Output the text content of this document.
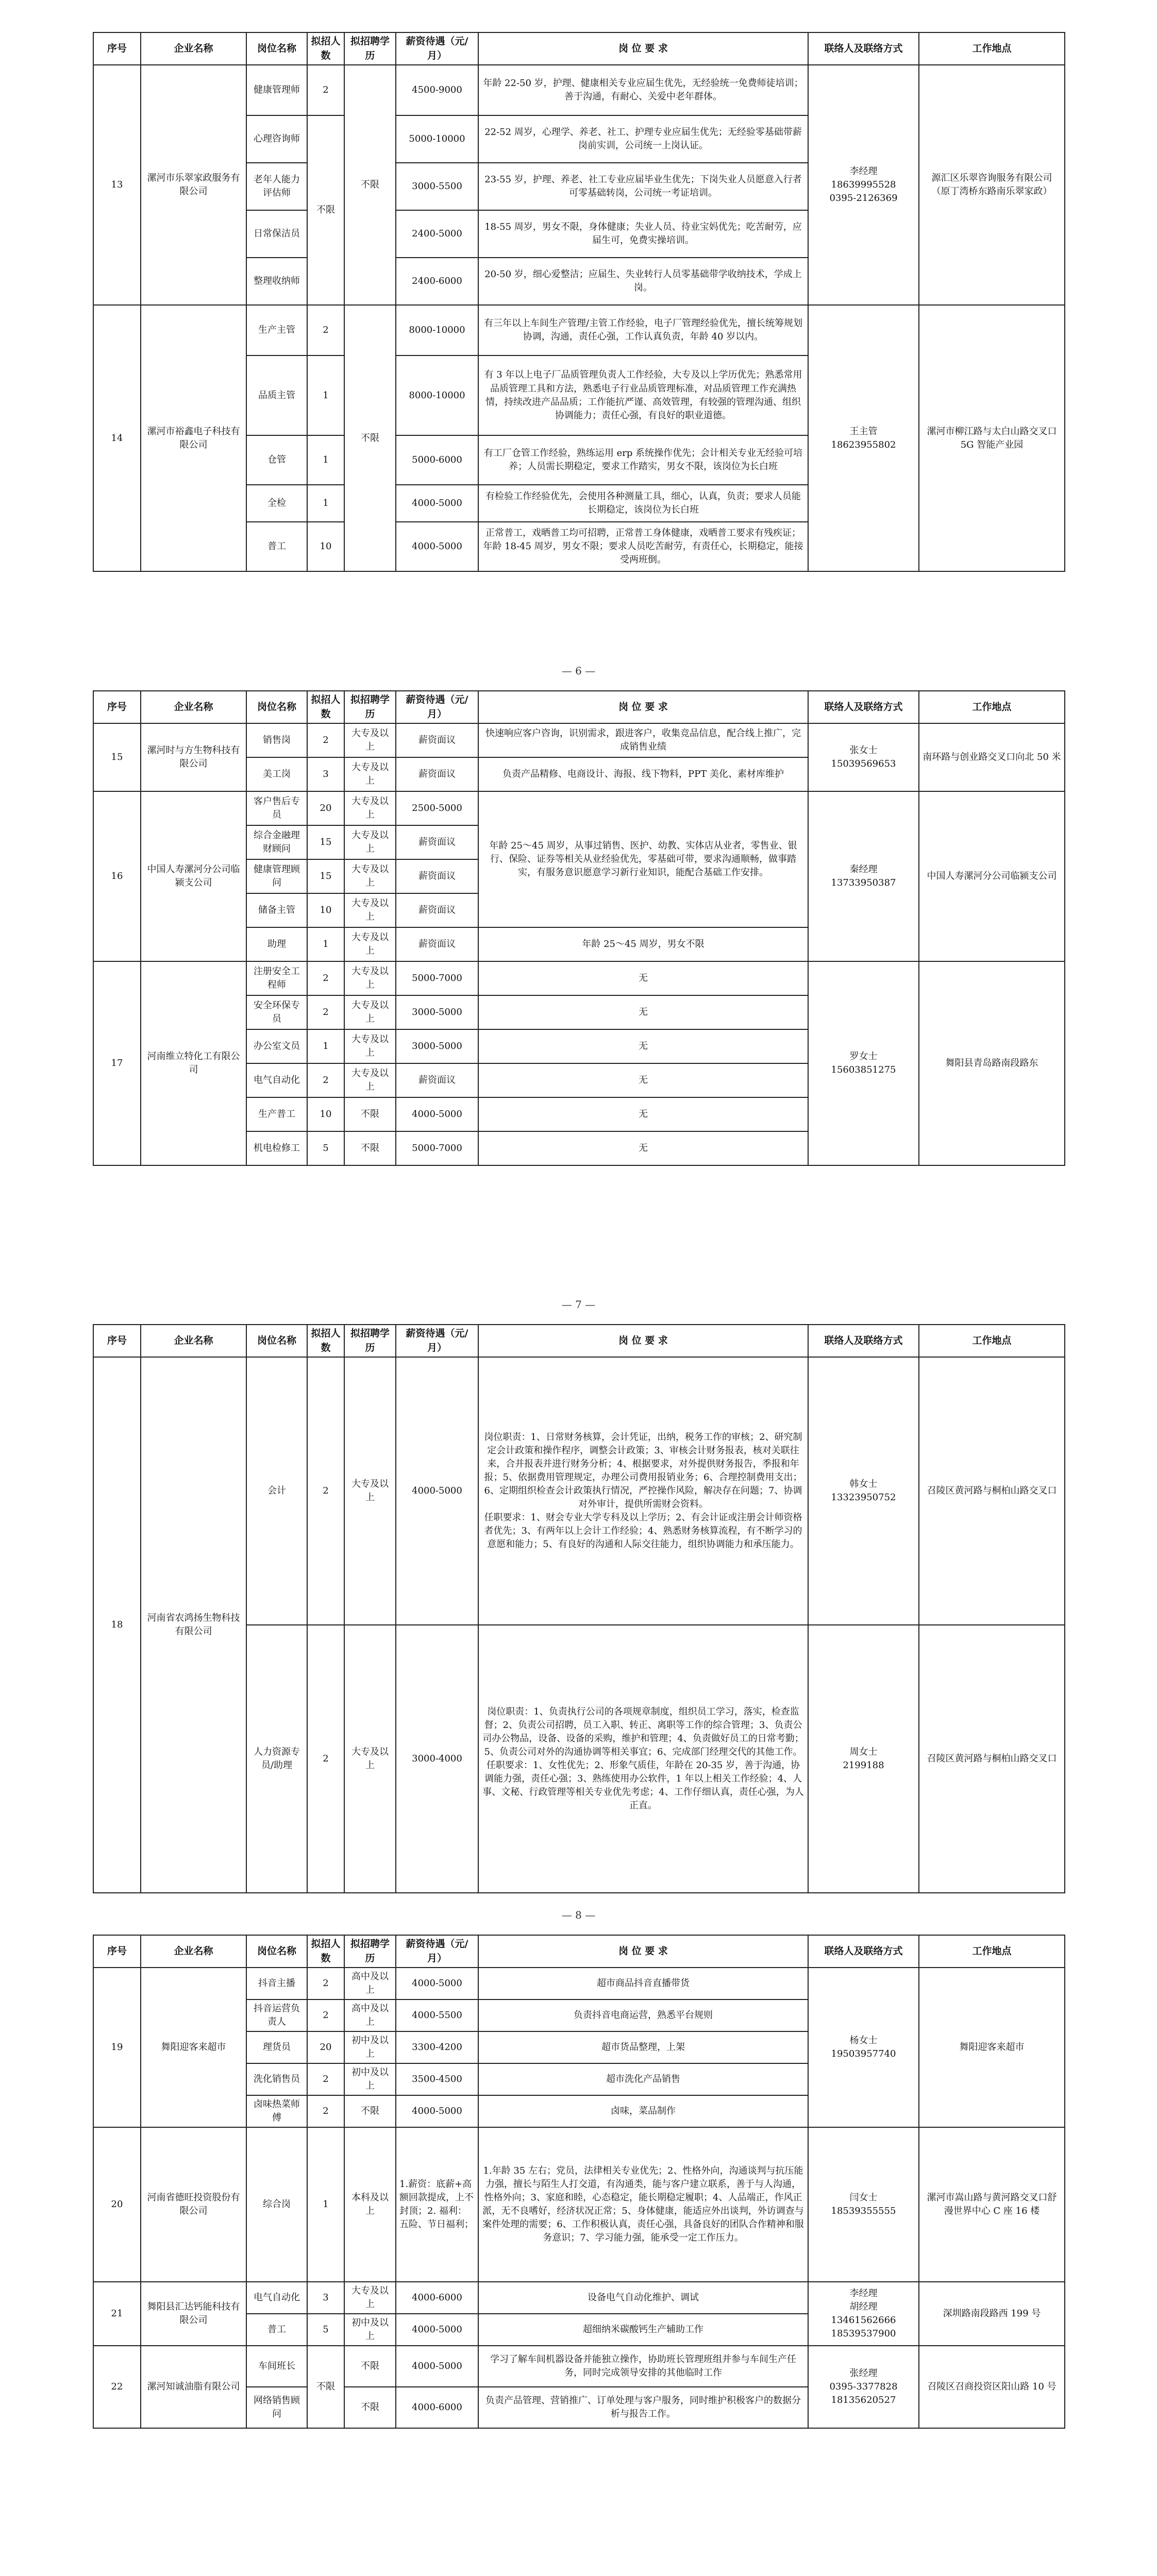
序号	企业名称	岗位名称	拟招人数	拟招聘学历	薪资待遇（元/月）	岗 位 要 求	联络人及联络方式	工作地点
13	漯河市乐翠家政服务有限公司	健康管理师	2	不限	4500-9000	年龄 22-50 岁，护理、健康相关专业应届生优先，无经验统一免费师徒培训；善于沟通，有耐心、关爱中老年群体。	李经理
18639995528
0395-2126369	源汇区乐翠咨询服务有限公司（原丁湾桥东路南乐翠家政）
		心理咨询师	不限		5000-10000	22-52 周岁，心理学、养老、社工、护理专业应届生优先；无经验零基础带薪岗前实训，公司统一上岗认证。		
		老年人能力评估师			3000-5500	23-55 岁，护理、养老、社工专业应届毕业生优先；下岗失业人员愿意入行者可零基础转岗，公司统一考证培训。		
		日常保洁员			2400-5000	18-55 周岁，男女不限，身体健康；失业人员、待业宝妈优先；吃苦耐劳，应届生可，免费实操培训。		
		整理收纳师			2400-6000	20-50 岁，细心爱整洁；应届生、失业转行人员零基础带学收纳技术，学成上岗。		
14	漯河市裕鑫电子科技有限公司	生产主管	2	不限	8000-10000	有三年以上车间生产管理/主管工作经验，电子厂管理经验优先，擅长统筹规划协调，沟通，责任心强，工作认真负责，年龄 40 岁以内。	王主管
18623955802	漯河市柳江路与太白山路交叉口 5G 智能产业园
		品质主管	1		8000-10000	有 3 年以上电子厂品质管理负责人工作经验，大专及以上学历优先；熟悉常用品质管理工具和方法，熟悉电子行业品质管理标准，对品质管理工作充满热情，持续改进产品品质；工作能抗严谨、高效管理，有较强的管理沟通、组织协调能力；责任心强，有良好的职业道德。		
		仓管	1		5000-6000	有工厂仓管工作经验，熟练运用 erp 系统操作优先；会计相关专业无经验可培养；人员需长期稳定，要求工作踏实，男女不限，该岗位为长白班		
		全检	1		4000-5000	有检验工作经验优先，会使用各种测量工具，细心，认真，负责；要求人员能长期稳定，该岗位为长白班		
		普工	10		4000-5000	正常普工，戏晒普工均可招聘，正常普工身体健康，戏晒普工要求有残疾证；年龄 18-45 周岁，男女不限；要求人员吃苦耐劳，有责任心，长期稳定，能接受两班倒。		
— 6 —
序号	企业名称	岗位名称	拟招人数	拟招聘学历	薪资待遇（元/月）	岗 位 要 求	联络人及联络方式	工作地点
15	漯河时与方生物科技有限公司	销售岗	2	大专及以上	薪资面议	快速响应客户咨询，识别需求，跟进客户，收集竞品信息，配合线上推广，完成销售业绩	张女士
15039569653	南环路与创业路交叉口向北 50 米
		美工岗	3	大专及以上	薪资面议	负责产品精修、电商设计、海报、线下物料，PPT 美化、素材库维护		
16	中国人寿漯河分公司临颍支公司	客户售后专员	20	大专及以上	2500-5000	年龄 25～45 周岁，从事过销售、医护、幼教、实体店从业者，零售业、银行、保险、证券等相关从业经验优先，零基础可带，要求沟通顺畅，做事踏实，有服务意识愿意学习新行业知识，能配合基础工作安排。	秦经理
13733950387	中国人寿漯河分公司临颍支公司
		综合金融理财顾问	15	大专及以上	薪资面议			
		健康管理顾问	15	大专及以上	薪资面议			
		储备主管	10	大专及以上	薪资面议			
		助理	1	大专及以上	薪资面议	年龄 25～45 周岁，男女不限		
17	河南维立特化工有限公司	注册安全工程师	2	大专及以上	5000-7000	无	罗女士
15603851275	舞阳县青岛路南段路东
		安全环保专员	2	大专及以上	3000-5000	无		
		办公室文员	1	大专及以上	3000-5000	无		
		电气自动化	2	大专及以上	薪资面议	无		
		生产普工	10	不限	4000-5000	无		
		机电检修工	5	不限	5000-7000	无		
— 7 —
序号	企业名称	岗位名称	拟招人数	拟招聘学历	薪资待遇（元/月）	岗 位 要 求	联络人及联络方式	工作地点
18	河南省农鸿扬生物科技有限公司	会计	2	大专及以上	4000-5000	岗位职责：1、日常财务核算，会计凭证，出纳，税务工作的审核；2、研究制定会计政策和操作程序，调整会计政策；3、审核会计财务报表，核对关联往来，合并报表并进行财务分析；4、根据要求，对外提供财务报告，季报和年报；5、依据费用管理规定，办理公司费用报销业务；6、合理控制费用支出；6、定期组织检查会计政策执行情况，严控操作风险，解决存在问题；7、协调对外审计，提供所需财会资料。
任职要求：1、财会专业大学专科及以上学历；2、有会计证或注册会计师资格者优先；3、有两年以上会计工作经验；4、熟悉财务核算流程，有不断学习的意愿和能力；5、有良好的沟通和人际交往能力，组织协调能力和承压能力。	韩女士
13323950752	召陵区黄河路与桐柏山路交叉口
		人力资源专员/助理	2	大专及以上	3000-4000	岗位职责：1、负责执行公司的各项规章制度，组织员工学习，落实，检查监督；2、负责公司招聘，员工入职、转正、离职等工作的综合管理；3、负责公司办公物品，设备、设备的采购，维护和管理；4、负责做好员工的日常考勤；5、负责公司对外的沟通协调等相关事宜；6、完成部门经理交代的其他工作。任职要求：1、女性优先；2、形象气质佳，年龄在 20-35 岁，善于沟通，协调能力强，责任心强；3、熟练使用办公软件，1 年以上相关工作经验；4、人事、文秘、行政管理等相关专业优先考虑；4、工作仔细认真，责任心强，为人正直。	周女士
2199188	召陵区黄河路与桐柏山路交叉口
— 8 —
序号	企业名称	岗位名称	拟招人数	拟招聘学历	薪资待遇（元/月）	岗 位 要 求	联络人及联络方式	工作地点
19	舞阳迎客来超市	抖音主播	2	高中及以上	4000-5000	超市商品抖音直播带货	杨女士
19503957740	舞阳迎客来超市
		抖音运营负责人	2	高中及以上	4000-5500	负责抖音电商运营，熟悉平台规则		
		理货员	20	初中及以上	3300-4200	超市货品整理，上架		
		洗化销售员	2	初中及以上	3500-4500	超市洗化产品销售		
		卤味热菜师傅	2	不限	4000-5000	卤味，菜品制作		
20	河南省德旺投资股份有限公司	综合岗	1	本科及以上	1.薪资：底薪+高额回款提成，上不封顶；2. 福利：五险、节日福利；	1.年龄 35 左右；党员，法律相关专业优先；2、性格外向，沟通谈判与抗压能力强，擅长与陌生人打交道，有沟通类，能与客户建立联系，善于与人沟通，性格外向；3、家庭和睦，心态稳定，能长期稳定履职；4、人品端正，作风正派，无不良嗜好，经济状况正常；5、身体健康，能适应外出谈判，外访调查与案件处理的需要；6、工作积极认真，责任心强，具备良好的团队合作精神和服务意识；7、学习能力强，能承受一定工作压力。	闫女士
18539355555	漯河市嵩山路与黄河路交叉口舒漫世界中心 C 座 16 楼
21	舞阳县汇达钙能科技有限公司	电气自动化	3	大专及以上	4000-6000	设备电气自动化维护、调试	李经理
胡经理
13461562666
18539537900	深圳路南段路西 199 号
		普工	5	初中及以上	4000-5000	超细纳米碳酸钙生产辅助工作		
22	漯河知诚油脂有限公司	车间班长	不限	不限	4000-5000	学习了解车间机器设备并能独立操作，协助班长管理班组并参与车间生产任务，同时完成领导安排的其他临时工作	张经理
0395-3377828
18135620527	召陵区召商投资区阳山路 10 号
		网络销售顾问		不限	4000-6000	负责产品管理、营销推广、订单处理与客户服务，同时维护积极客户的数据分析与报告工作。		
